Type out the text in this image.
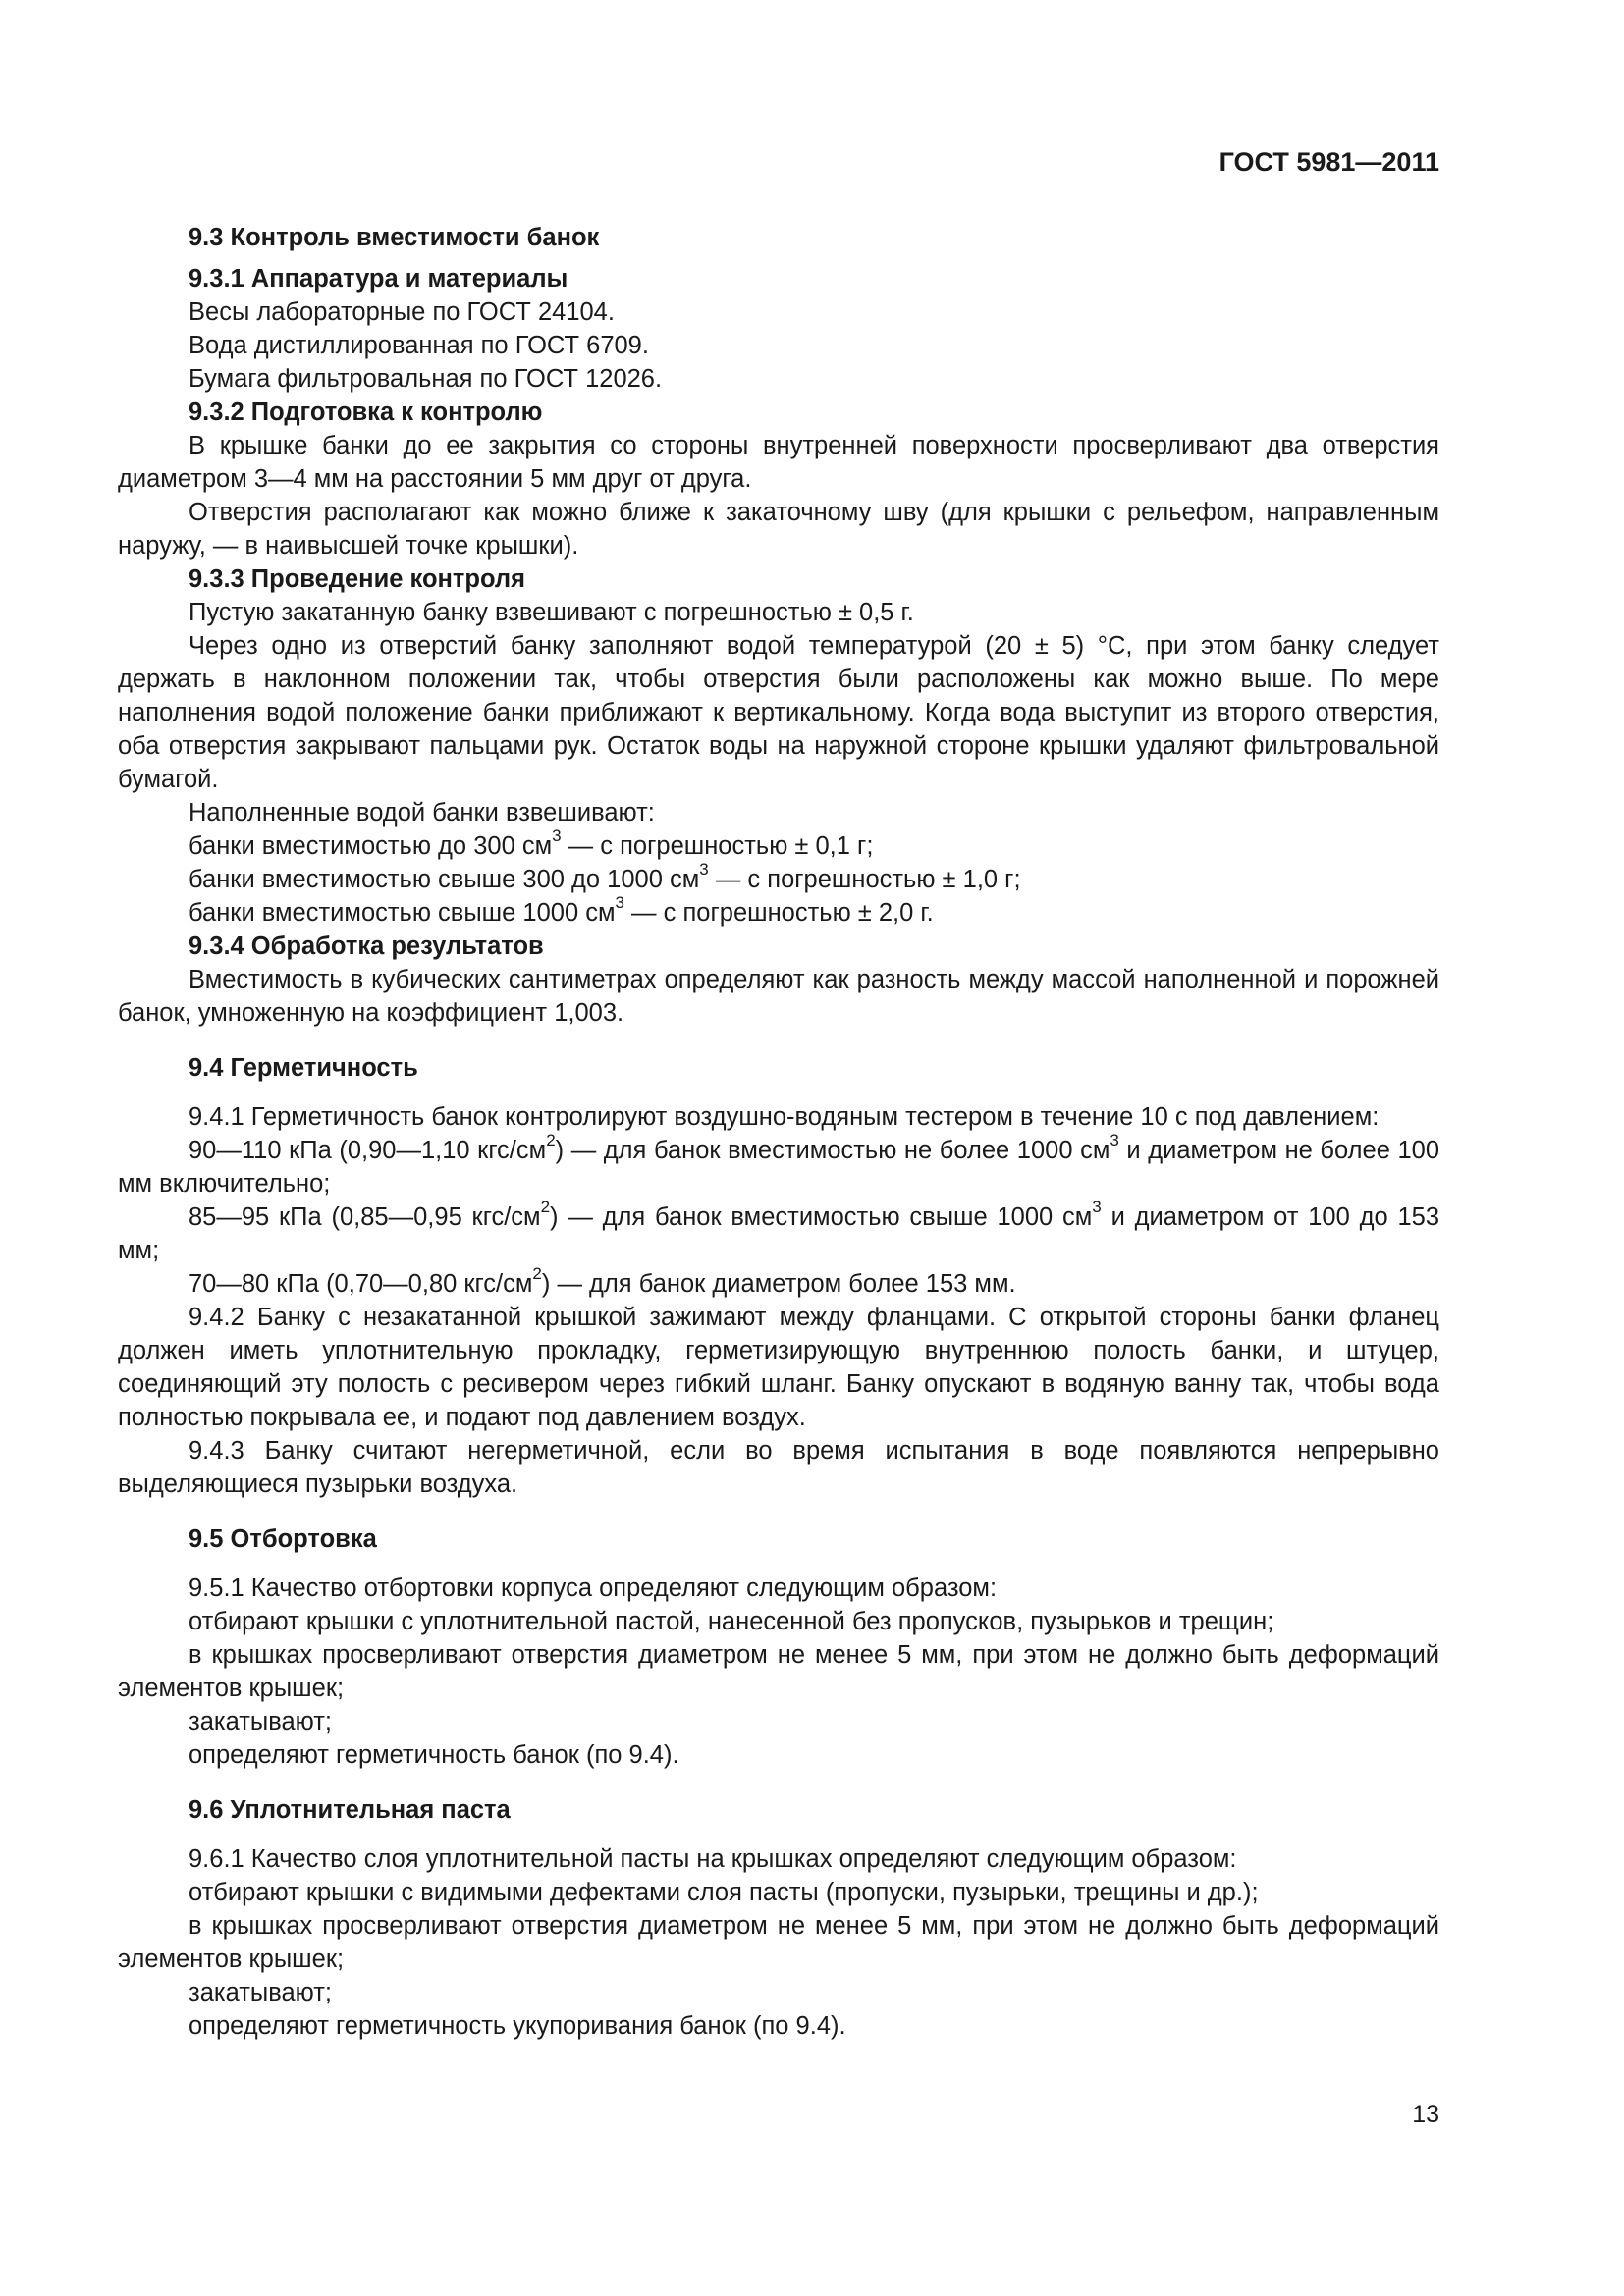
ГОСТ 5981—2011

9.3 Контроль вместимости банок

9.3.1 Аппаратура и материалы

Весы лабораторные по ГОСТ 24104.

Вода дистиллированная по ГОСТ 6709.

Бумага фильтровальная по ГОСТ 12026.

9.3.2 Подготовка к контролю

В крышке банки до ее закрытия со стороны внутренней поверхности просверливают два отверстия диаметром 3—4 мм на расстоянии 5 мм друг от друга.

Отверстия располагают как можно ближе к закаточному шву (для крышки с рельефом, направленным наружу, — в наивысшей точке крышки).

9.3.3 Проведение контроля

Пустую закатанную банку взвешивают с погрешностью ± 0,5 г.

Через одно из отверстий банку заполняют водой температурой (20 ± 5) °С, при этом банку следует держать в наклонном положении так, чтобы отверстия были расположены как можно выше. По мере наполнения водой положение банки приближают к вертикальному. Когда вода выступит из второго отверстия, оба отверстия закрывают пальцами рук. Остаток воды на наружной стороне крышки удаляют фильтровальной бумагой.

Наполненные водой банки взвешивают:

банки вместимостью до 300 $см^3$ — с погрешностью ± 0,1 г;

банки вместимостью свыше 300 до 1000 $см^3$ — с погрешностью ± 1,0 г;

банки вместимостью свыше 1000 $см^3$ — с погрешностью ± 2,0 г.

9.3.4 Обработка результатов

Вместимость в кубических сантиметрах определяют как разность между массой наполненной и порожней банок, умноженную на коэффициент 1,003.

9.4 Герметичность

9.4.1 Герметичность банок контролируют воздушно-водяным тестером в течение 10 с под давлением:

90—110 кПа (0,90—1,10 кгс/$см^2$) — для банок вместимостью не более 1000 $см^3$ и диаметром не более 100 мм включительно;

85—95 кПа (0,85—0,95 кгс/$см^2$) — для банок вместимостью свыше 1000 $см^3$ и диаметром от 100 до 153 мм;

70—80 кПа (0,70—0,80 кгс/$см^2$) — для банок диаметром более 153 мм.

9.4.2 Банку с незакатанной крышкой зажимают между фланцами. С открытой стороны банки фланец должен иметь уплотнительную прокладку, герметизирующую внутреннюю полость банки, и штуцер, соединяющий эту полость с ресивером через гибкий шланг. Банку опускают в водяную ванну так, чтобы вода полностью покрывала ее, и подают под давлением воздух.

9.4.3 Банку считают негерметичной, если во время испытания в воде появляются непрерывно выделяющиеся пузырьки воздуха.

9.5 Отбортовка

9.5.1 Качество отбортовки корпуса определяют следующим образом:

отбирают крышки с уплотнительной пастой, нанесенной без пропусков, пузырьков и трещин;

в крышках просверливают отверстия диаметром не менее 5 мм, при этом не должно быть деформаций элементов крышек;

закатывают;

определяют герметичность банок (по 9.4).

9.6 Уплотнительная паста

9.6.1 Качество слоя уплотнительной пасты на крышках определяют следующим образом:

отбирают крышки с видимыми дефектами слоя пасты (пропуски, пузырьки, трещины и др.);

в крышках просверливают отверстия диаметром не менее 5 мм, при этом не должно быть деформаций элементов крышек;

закатывают;

определяют герметичность укупоривания банок (по 9.4).

13
